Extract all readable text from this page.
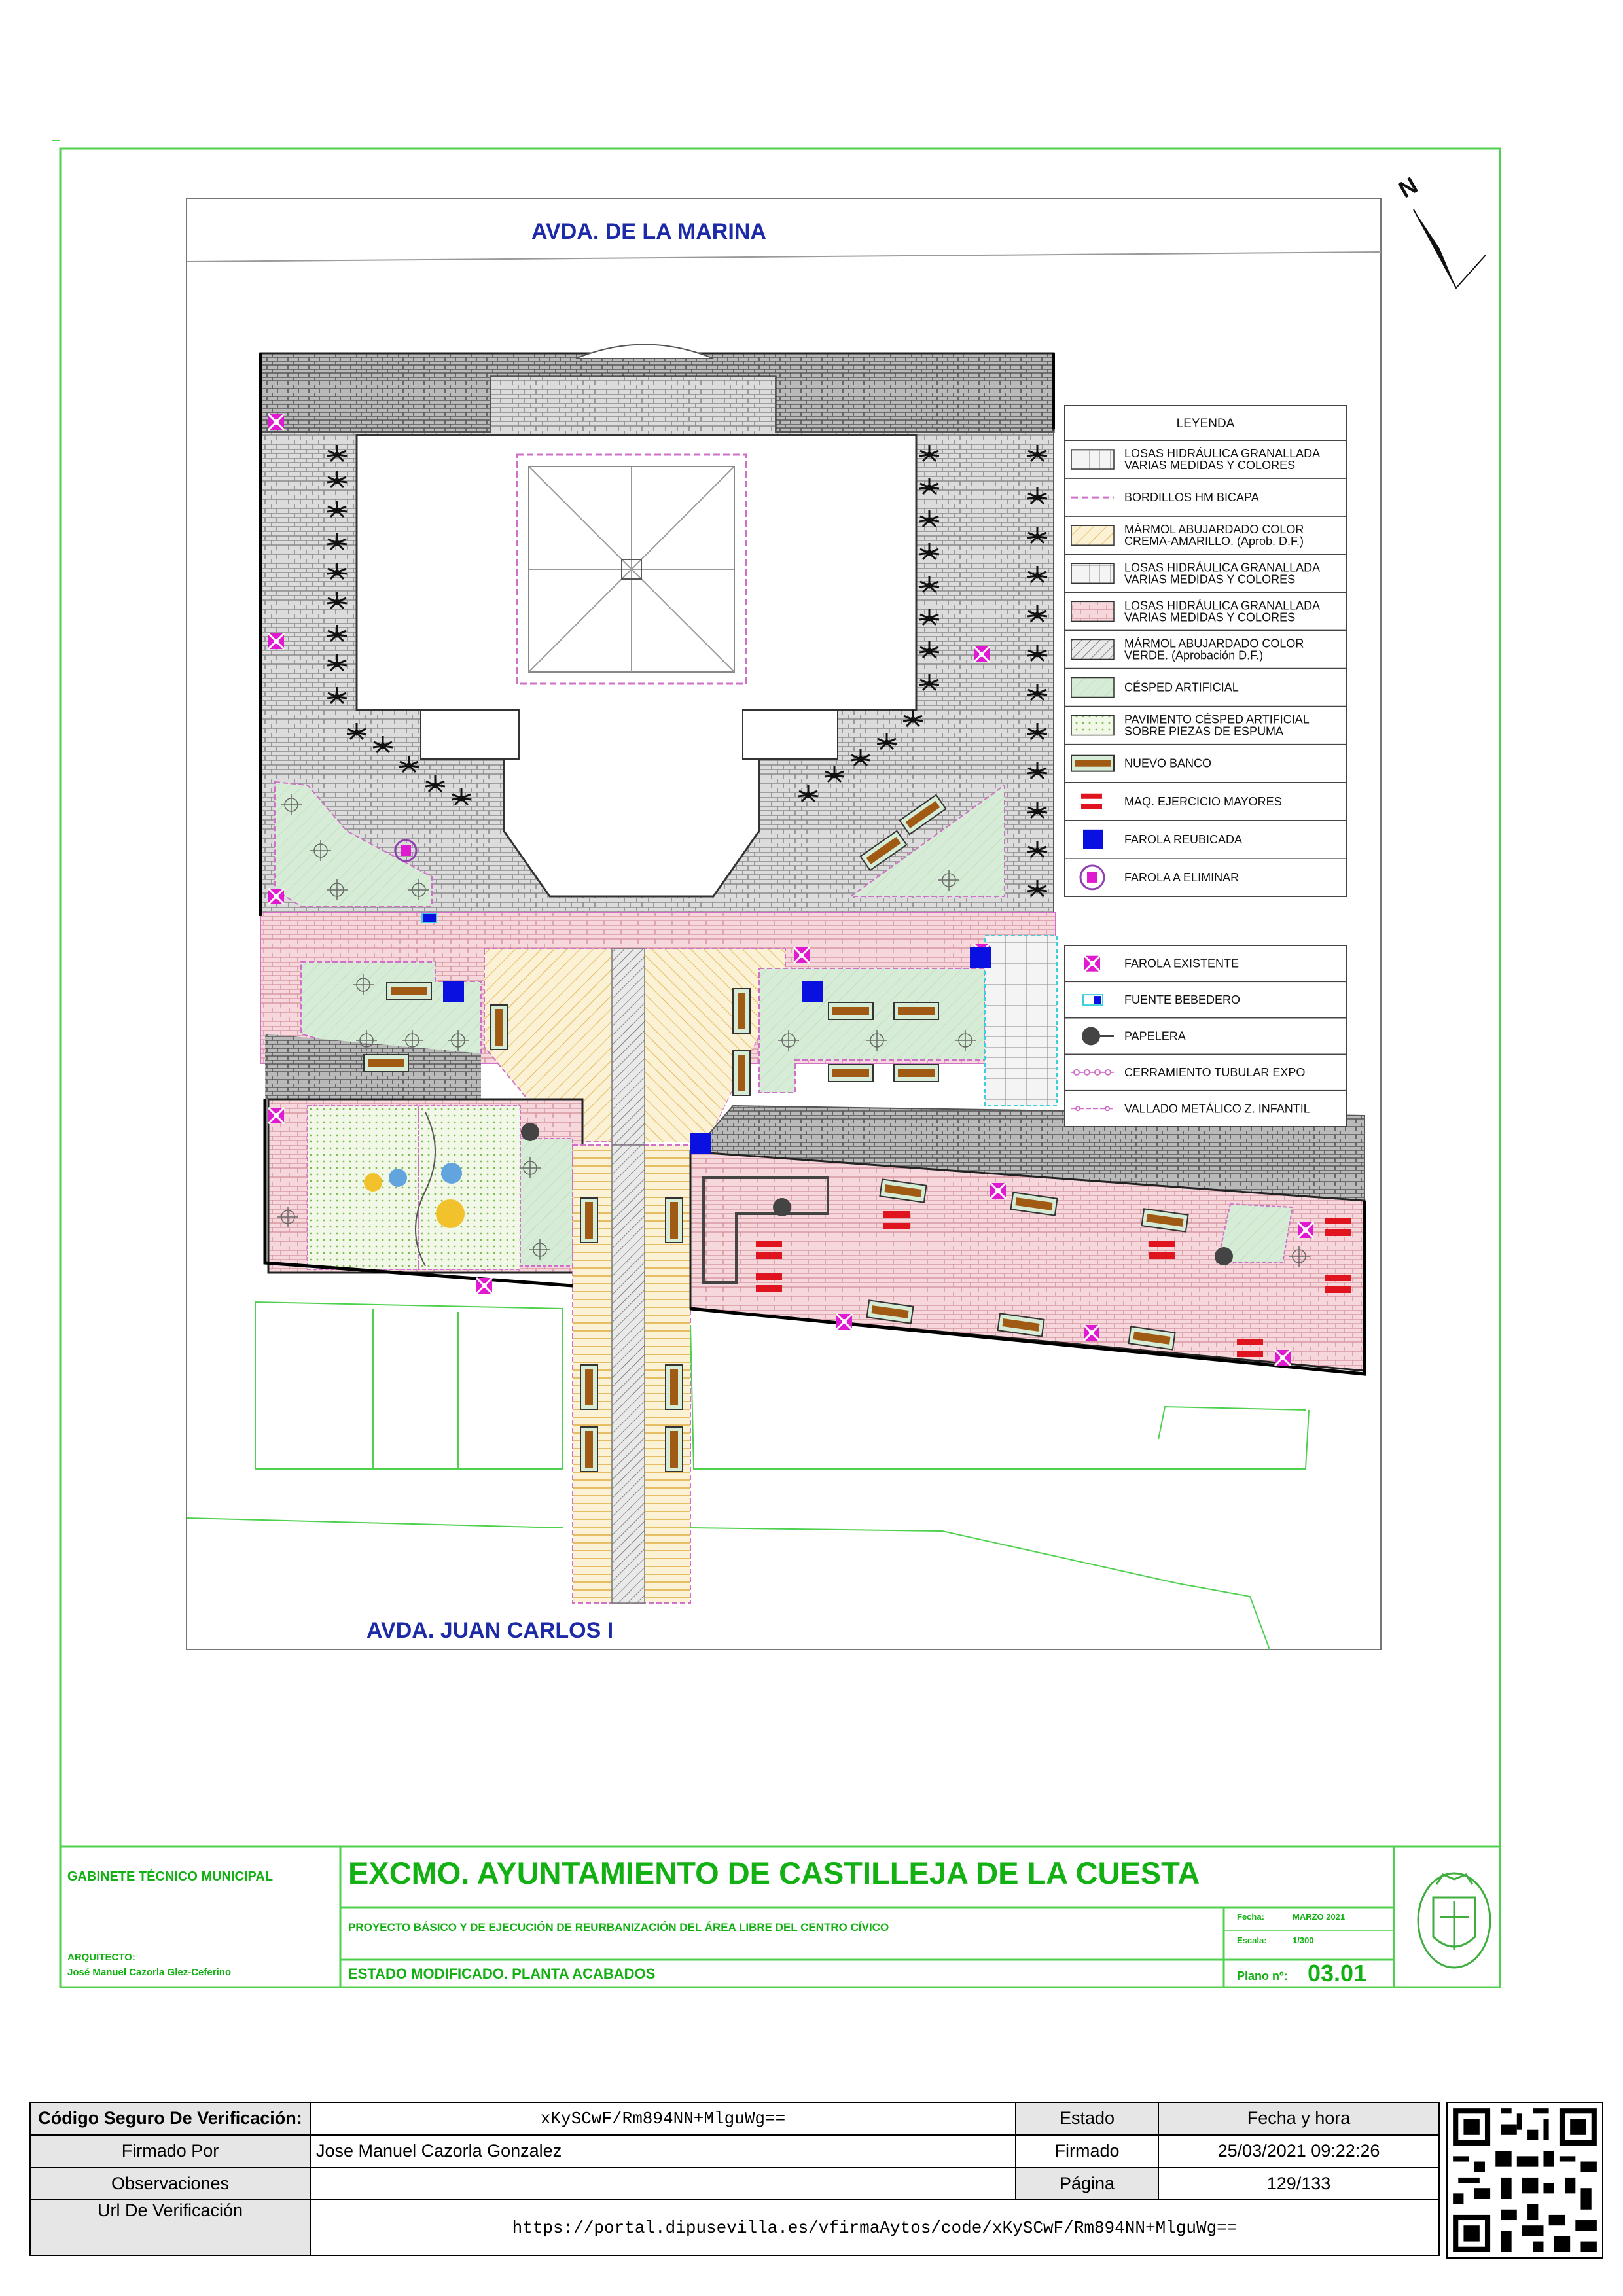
AVDA. DE LA MARINA
AVDA. JUAN CARLOS I
N
LEYENDA
LOSAS HIDRÁULICA GRANALLADA VARIAS MEDIDAS Y COLORES
BORDILLOS HM BICAPA
MÁRMOL ABUJARDADO COLOR CREMA-AMARILLO. (Aprob. D.F.)
LOSAS HIDRÁULICA GRANALLADA VARIAS MEDIDAS Y COLORES
LOSAS HIDRÁULICA GRANALLADA VARIAS MEDIDAS Y COLORES
MÁRMOL ABUJARDADO COLOR VERDE. (Aprobación D.F.)
CÉSPED ARTIFICIAL
PAVIMENTO CÉSPED ARTIFICIAL SOBRE PIEZAS DE ESPUMA
NUEVO BANCO
MAQ. EJERCICIO MAYORES
FAROLA REUBICADA
FAROLA A ELIMINAR
FAROLA EXISTENTE
FUENTE BEBEDERO
PAPELERA
CERRAMIENTO TUBULAR EXPO
VALLADO METÁLICO Z. INFANTIL
GABINETE TÉCNICO MUNICIPAL
ARQUITECTO:
José Manuel Cazorla Glez-Ceferino
EXCMO. AYUNTAMIENTO DE CASTILLEJA DE LA CUESTA
PROYECTO BÁSICO Y DE EJECUCIÓN DE REURBANIZACIÓN DEL ÁREA LIBRE DEL CENTRO CÍVICO
ESTADO MODIFICADO. PLANTA ACABADOS
Fecha:	MARZO 2021
Escala:	1/300
Plano nº: 03.01
Código Seguro De Verificación:	xKySCwF/Rm894NN+MlguWg==	Estado	Fecha y hora
Firmado Por	Jose Manuel Cazorla Gonzalez	Firmado	25/03/2021 09:22:26
Observaciones		Página	129/133
Url De Verificación	https://portal.dipusevilla.es/vfirmaAytos/code/xKySCwF/Rm894NN+MlguWg==		
